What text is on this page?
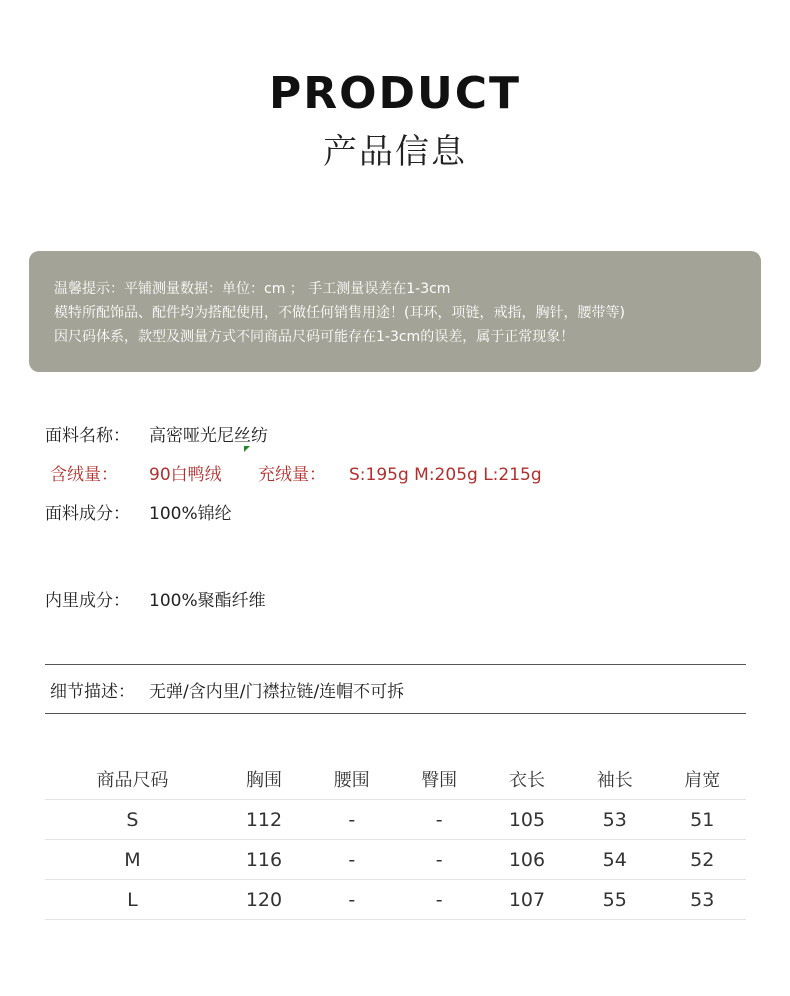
PRODUCT
产品信息
温馨提示：平铺测量数据：单位：cm ； 手工测量误差在1-3cm
模特所配饰品、配件均为搭配使用，不做任何销售用途！(耳环，项链，戒指，胸针，腰带等)
因尺码体系，款型及测量方式不同商品尺码可能存在1-3cm的误差，属于正常现象！
面料名称： 高密哑光尼丝纺
含绒量： 90白鸭绒 充绒量： S:195g M:205g L:215g
面料成分： 100%锦纶
内里成分： 100%聚酯纤维
细节描述： 无弹/含内里/门襟拉链/连帽不可拆
商品尺码	胸围	腰围	臀围	衣长	袖长	肩宽
S	112	-	-	105	53	51
M	116	-	-	106	54	52
L	120	-	-	107	55	53
